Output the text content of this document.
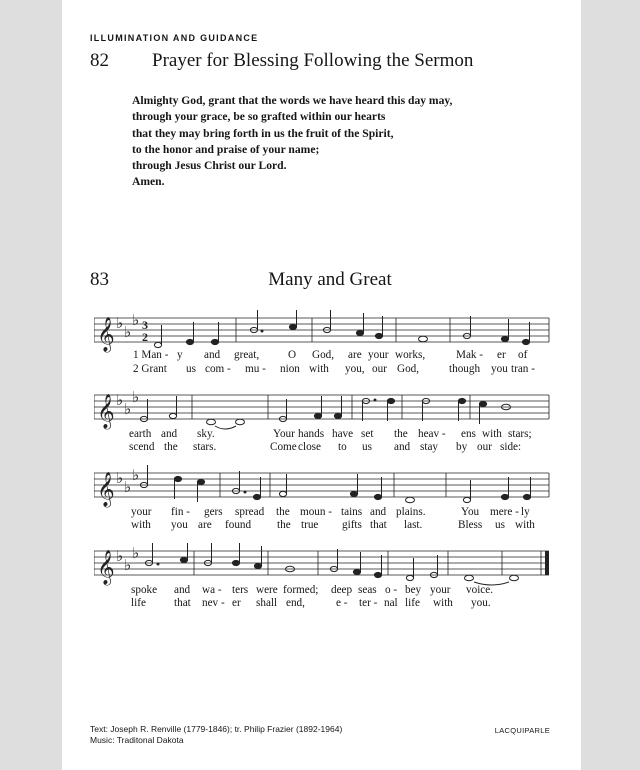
ILLUMINATION AND GUIDANCE
82 Prayer for Blessing Following the Sermon
Almighty God, grant that the words we have heard this day may,
through your grace, be so grafted within our hearts
that they may bring forth in us the fruit of the Spirit,
to the honor and praise of your name;
through Jesus Christ our Lord.
Amen.
83	Many and Great
𝄞 ♭ ♭
♭ 3
2
1 Man - y and great,	O God, are your works,	Mak - er of
2 Grant us com - mu - nion with you, our God,	though you tran -
𝄞 ♭ ♭
♭
earth and sky.	Your hands have set the heav - ens with stars;
scend the stars.	Come close to us and stay by our side:
𝄞 ♭ ♭
♭
your fin - gers spread the moun - tains and plains.	You mere - ly
with you are found the true gifts that last.	Bless us with
𝄞 ♭ ♭
♭
spoke and wa - ters were formed; deep seas o - bey your voice.
life	that nev - er shall end,	e - ter - nal life with you.
Text: Joseph R. Renville (1779-1846); tr. Philip Frazier (1892-1964)
Music: Traditonal Dakota
LACQUIPARLE
